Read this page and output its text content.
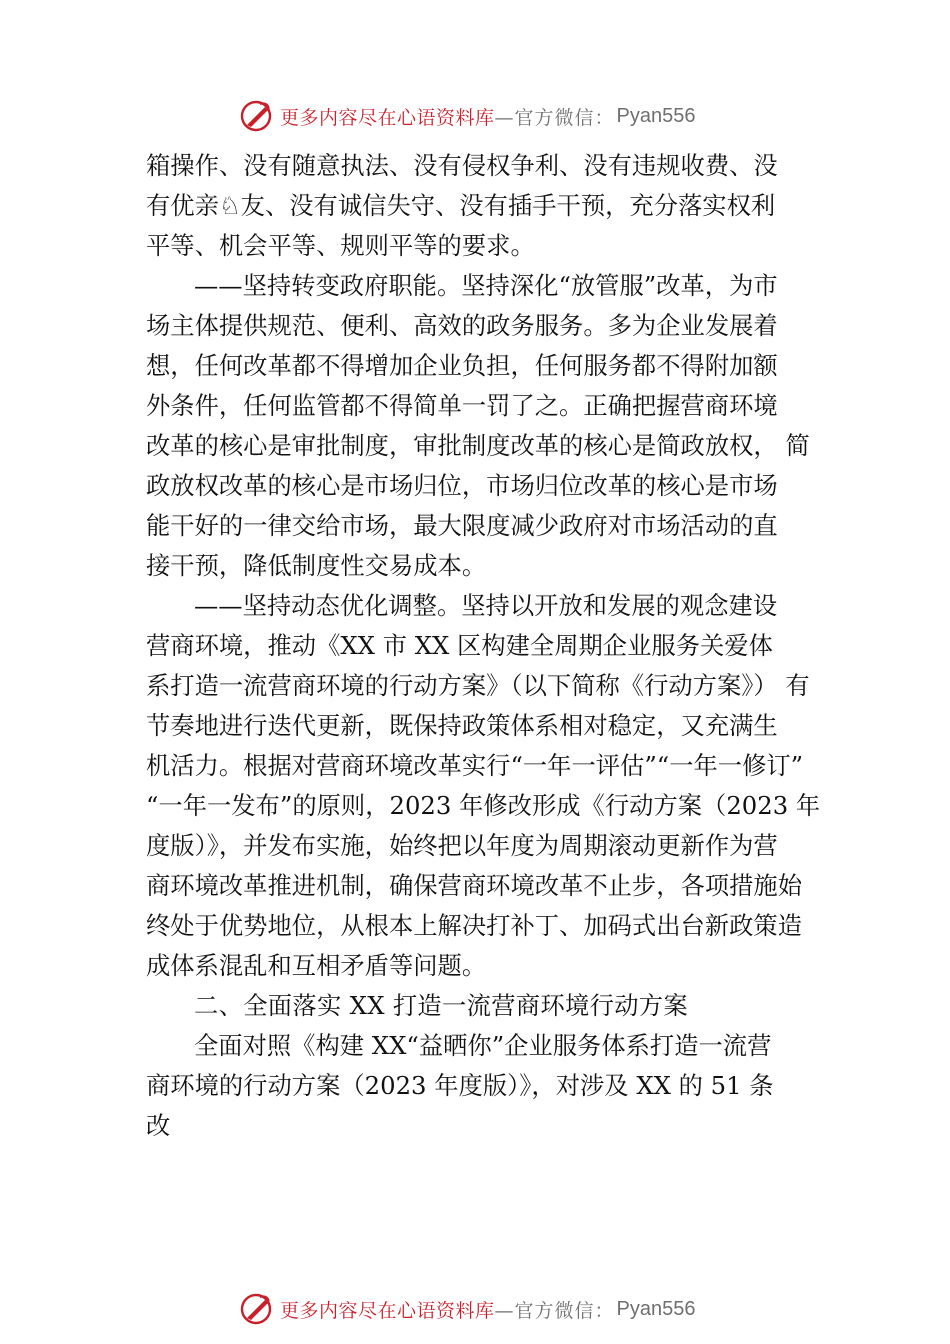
更多内容尽在心语资料库 —官方微信： Pyan556

箱操作、没有随意执法、没有侵权争利、没有违规收费、没
有优亲♘友、没有诚信失守、没有插手干预，充分落实权利
平等、机会平等、规则平等的要求。

——坚持转变政府职能。坚持深化“放管服”改革，为市
场主体提供规范、便利、高效的政务服务。多为企业发展着
想，任何改革都不得增加企业负担，任何服务都不得附加额
外条件，任何监管都不得简单一罚了之。正确把握营商环境
改革的核心是审批制度，审批制度改革的核心是简政放权， 简
政放权改革的核心是市场归位，市场归位改革的核心是市场
能干好的一律交给市场，最大限度减少政府对市场活动的直
接干预，降低制度性交易成本。

——坚持动态优化调整。坚持以开放和发展的观念建设
营商环境，推动《XX 市 XX 区构建全周期企业服务关爱体
系打造一流营商环境的行动方案》（以下简称《行动方案》） 有
节奏地进行迭代更新，既保持政策体系相对稳定，又充满生
机活力。根据对营商环境改革实行“一年一评估”“一年一修订”
“一年一发布”的原则，2023 年修改形成《行动方案（2023 年
度版）》，并发布实施，始终把以年度为周期滚动更新作为营
商环境改革推进机制，确保营商环境改革不止步，各项措施始
终处于优势地位，从根本上解决打补丁、加码式出台新政策造
成体系混乱和互相矛盾等问题。

二、全面落实 XX 打造一流营商环境行动方案

全面对照《构建 XX“益晒你”企业服务体系打造一流营
商环境的行动方案（2023 年度版）》，对涉及 XX 的 51 条
改

更多内容尽在心语资料库 —官方微信： Pyan556
